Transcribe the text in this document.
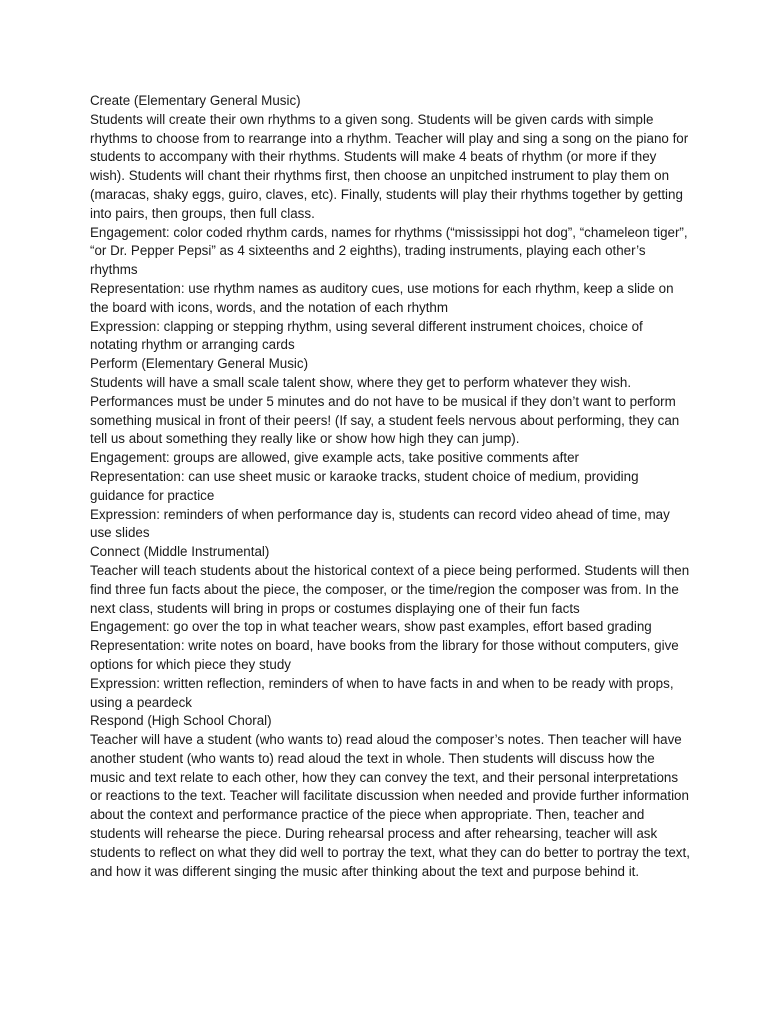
Create (Elementary General Music)

Students will create their own rhythms to a given song. Students will be given cards with simple rhythms to choose from to rearrange into a rhythm. Teacher will play and sing a song on the piano for students to accompany with their rhythms. Students will make 4 beats of rhythm (or more if they wish). Students will chant their rhythms first, then choose an unpitched instrument to play them on (maracas, shaky eggs, guiro, claves, etc). Finally, students will play their rhythms together by getting into pairs, then groups, then full class.

Engagement: color coded rhythm cards, names for rhythms (“mississippi hot dog”, “chameleon tiger”, “or Dr. Pepper Pepsi” as 4 sixteenths and 2 eighths), trading instruments, playing each other’s rhythms

Representation: use rhythm names as auditory cues, use motions for each rhythm, keep a slide on the board with icons, words, and the notation of each rhythm

Expression: clapping or stepping rhythm, using several different instrument choices, choice of notating rhythm or arranging cards

Perform (Elementary General Music)

Students will have a small scale talent show, where they get to perform whatever they wish. Performances must be under 5 minutes and do not have to be musical if they don’t want to perform something musical in front of their peers! (If say, a student feels nervous about performing, they can tell us about something they really like or show how high they can jump).

Engagement: groups are allowed, give example acts, take positive comments after

Representation: can use sheet music or karaoke tracks, student choice of medium, providing guidance for practice

Expression: reminders of when performance day is, students can record video ahead of time, may use slides

Connect (Middle Instrumental)

Teacher will teach students about the historical context of a piece being performed. Students will then find three fun facts about the piece, the composer, or the time/region the composer was from. In the next class, students will bring in props or costumes displaying one of their fun facts

Engagement: go over the top in what teacher wears, show past examples, effort based grading

Representation: write notes on board, have books from the library for those without computers, give options for which piece they study

Expression: written reflection, reminders of when to have facts in and when to be ready with props, using a peardeck

Respond (High School Choral)

Teacher will have a student (who wants to) read aloud the composer’s notes. Then teacher will have another student (who wants to) read aloud the text in whole. Then students will discuss how the music and text relate to each other, how they can convey the text, and their personal interpretations or reactions to the text. Teacher will facilitate discussion when needed and provide further information about the context and performance practice of the piece when appropriate. Then, teacher and students will rehearse the piece. During rehearsal process and after rehearsing, teacher will ask students to reflect on what they did well to portray the text, what they can do better to portray the text, and how it was different singing the music after thinking about the text and purpose behind it.
